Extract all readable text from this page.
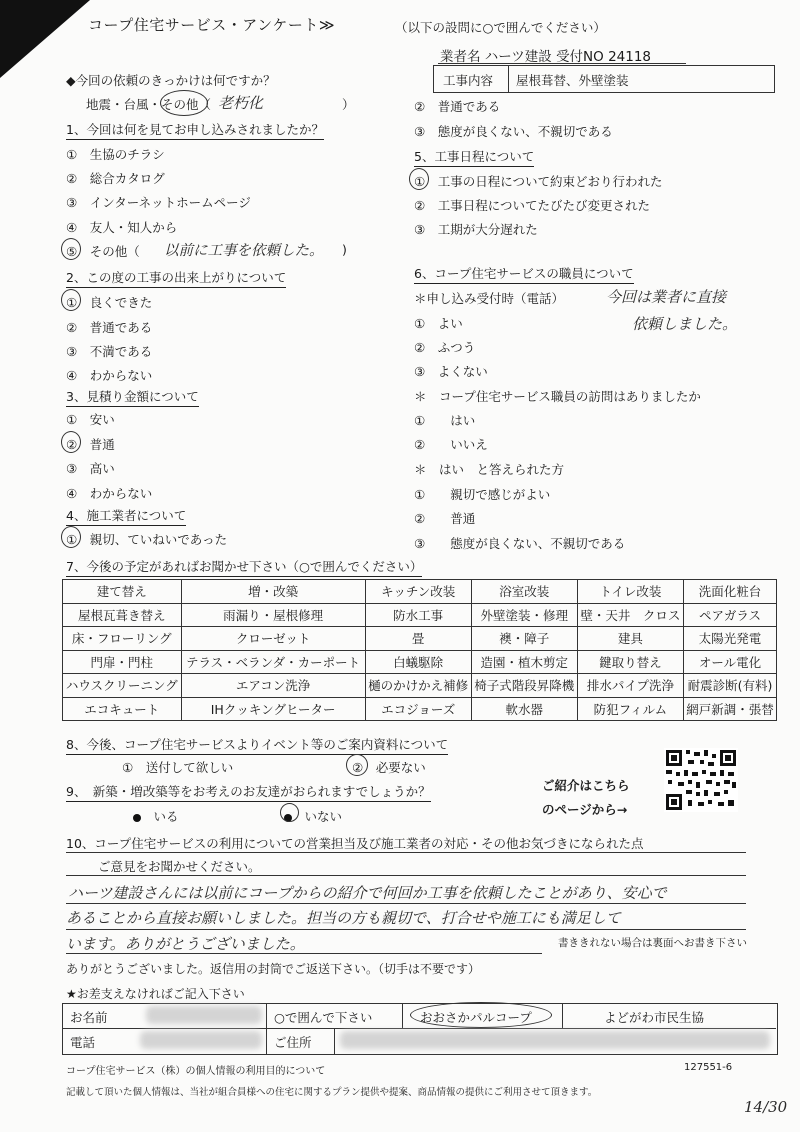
コープ住宅サービス・アンケート≫	（以下の設問に○で囲んでください）
業者名 ハーツ建設 受付NO 24118
工事内容 屋根葺替、外壁塗装
◆今回の依頼のきっかけは何ですか？
地震・台風・その他（ 老朽化	）
1、今回は何を見てお申し込みされましたか？
①　 生協のチラシ
②　 総合カタログ
③　 インターネットホームページ
④　 友人・知人から
⑤　 その他（ 以前に工事を依頼した。 )
2、この度の工事の出来上がりについて
①　 良くできた
②　 普通である
③　 不満である
④　 わからない
3、見積り金額について
①　 安い
②　 普通
③　 高い
④　 わからない
4、施工業者について
①　 親切、ていねいであった
②　 普通である
③　 態度が良くない、不親切である
5、工事日程について
①　 工事の日程について約束どおり行われた
②　 工事日程についてたびたび変更された
③　 工期が大分遅れた
6、コープ住宅サービスの職員について
＊申し込み受付時（電話）	今回は業者に直接
依頼しました。
①　 よい
②　 ふつう
③　 よくない
＊　コープ住宅サービス職員の訪問はありましたか
①　　 はい
②　　 いいえ
＊　はい　と答えられた方
①　　 親切で感じがよい
②　　 普通
③　　 態度が良くない、不親切である
7、今後の予定があればお聞かせ下さい（○で囲んでください）
建て替え	増・改築	キッチン改装	浴室改装	トイレ改装	洗面化粧台
屋根瓦葺き替え	雨漏り・屋根修理	防水工事	外壁塗装・修理	壁・天井　クロス	ペアガラス
床・フローリング	クローゼット	畳	襖・障子	建具	太陽光発電
門扉・門柱	テラス・ベランダ・カーポート	白蟻駆除	造園・植木剪定	鍵取り替え	オール電化
ハウスクリーニング	エアコン洗浄	樋のかけかえ補修	椅子式階段昇降機	排水パイプ洗浄	耐震診断(有料)
エコキュート	IHクッキングヒーター	エコジョーズ	軟水器	防犯フィルム	網戸新調・張替
8、今後、コープ住宅サービスよりイベント等のご案内資料について
①　 送付して欲しい	②　 必要ない
9、　新築・増改築等をお考えのお友達がおられますでしょうか？
　いる
　	いない
ご紹介はこちら
のページから→
10、コープ住宅サービスの利用についての営業担当及び施工業者の対応・その他お気づきになられた点
ご意見をお聞かせください。
ハーツ建設さんには以前にコープからの紹介で何回か工事を依頼したことがあり、安心で
あることから直接お願いしました。担当の方も親切で、打合せや施工にも満足して
います。ありがとうございました。	書ききれない場合は裏面へお書き下さい
ありがとうございました。返信用の封筒でご返送下さい。（切手は不要です）
★お差支えなければご記入下さい
お名前	○で囲んで下さい	おおさかパルコープ	よどがわ市民生協
電話	ご住所
コープ住宅サービス（株）の個人情報の利用目的について	127551-6
記載して頂いた個人情報は、当社が組合員様への住宅に関するプラン提供や提案、商品情報の提供にご利用させて頂きます。
14/30
